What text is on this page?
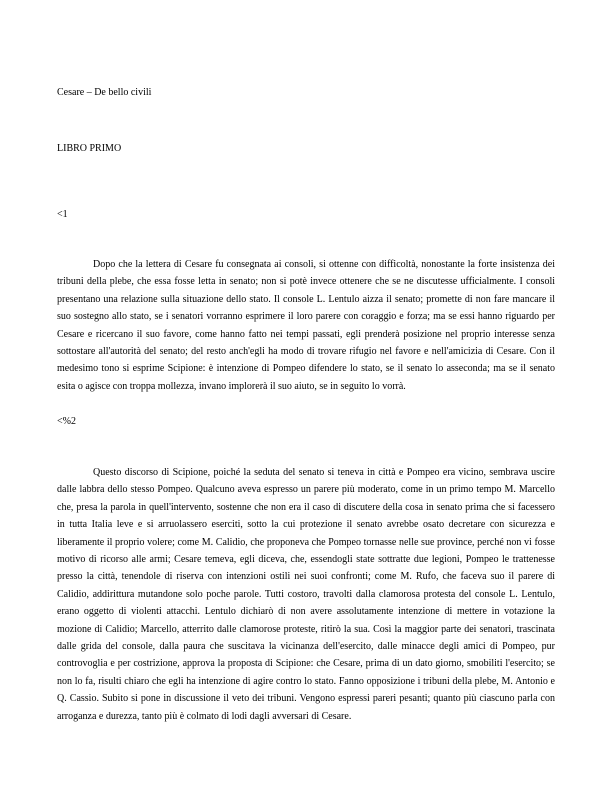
Cesare – De bello civili

LIBRO PRIMO

<1

Dopo che la lettera di Cesare fu consegnata ai consoli, si ottenne con difficoltà, nonostante la forte insistenza dei tribuni della plebe, che essa fosse letta in senato; non si potè invece ottenere che se ne discutesse ufficialmente. I consoli presentano una relazione sulla situazione dello stato. Il console L. Lentulo aizza il senato; promette di non fare mancare il suo sostegno allo stato, se i senatori vorranno esprimere il loro parere con coraggio e forza; ma se essi hanno riguardo per Cesare e ricercano il suo favore, come hanno fatto nei tempi passati, egli prenderà posizione nel proprio interesse senza sottostare all'autorità del senato; del resto anch'egli ha modo di trovare rifugio nel favore e nell'amicizia di Cesare. Con il medesimo tono si esprime Scipione: è intenzione di Pompeo difendere lo stato, se il senato lo asseconda; ma se il senato esita o agisce con troppa mollezza, invano implorerà il suo aiuto, se in seguito lo vorrà.

<%2

Questo discorso di Scipione, poiché la seduta del senato si teneva in città e Pompeo era vicino, sembrava uscire dalle labbra dello stesso Pompeo. Qualcuno aveva espresso un parere più moderato, come in un primo tempo M. Marcello che, presa la parola in quell'intervento, sostenne che non era il caso di discutere della cosa in senato prima che si facessero in tutta Italia leve e si arruolassero eserciti, sotto la cui protezione il senato avrebbe osato decretare con sicurezza e liberamente il proprio volere; come M. Calidio, che proponeva che Pompeo tornasse nelle sue province, perché non vi fosse motivo di ricorso alle armi; Cesare temeva, egli diceva, che, essendogli state sottratte due legioni, Pompeo le trattenesse presso la città, tenendole di riserva con intenzioni ostili nei suoi confronti; come M. Rufo, che faceva suo il parere di Calidio, addirittura mutandone solo poche parole. Tutti costoro, travolti dalla clamorosa protesta del console L. Lentulo, erano oggetto di violenti attacchi. Lentulo dichiarò di non avere assolutamente intenzione di mettere in votazione la mozione di Calidio; Marcello, atterrito dalle clamorose proteste, ritirò la sua. Così la maggior parte dei senatori, trascinata dalle grida del console, dalla paura che suscitava la vicinanza dell'esercito, dalle minacce degli amici di Pompeo, pur controvoglia e per costrizione, approva la proposta di Scipione: che Cesare, prima di un dato giorno, smobiliti l'esercito; se non lo fa, risulti chiaro che egli ha intenzione di agire contro lo stato. Fanno opposizione i tribuni della plebe, M. Antonio e Q. Cassio. Subito si pone in discussione il veto dei tribuni. Vengono espressi pareri pesanti; quanto più ciascuno parla con arroganza e durezza, tanto più è colmato di lodi dagli avversari di Cesare.
